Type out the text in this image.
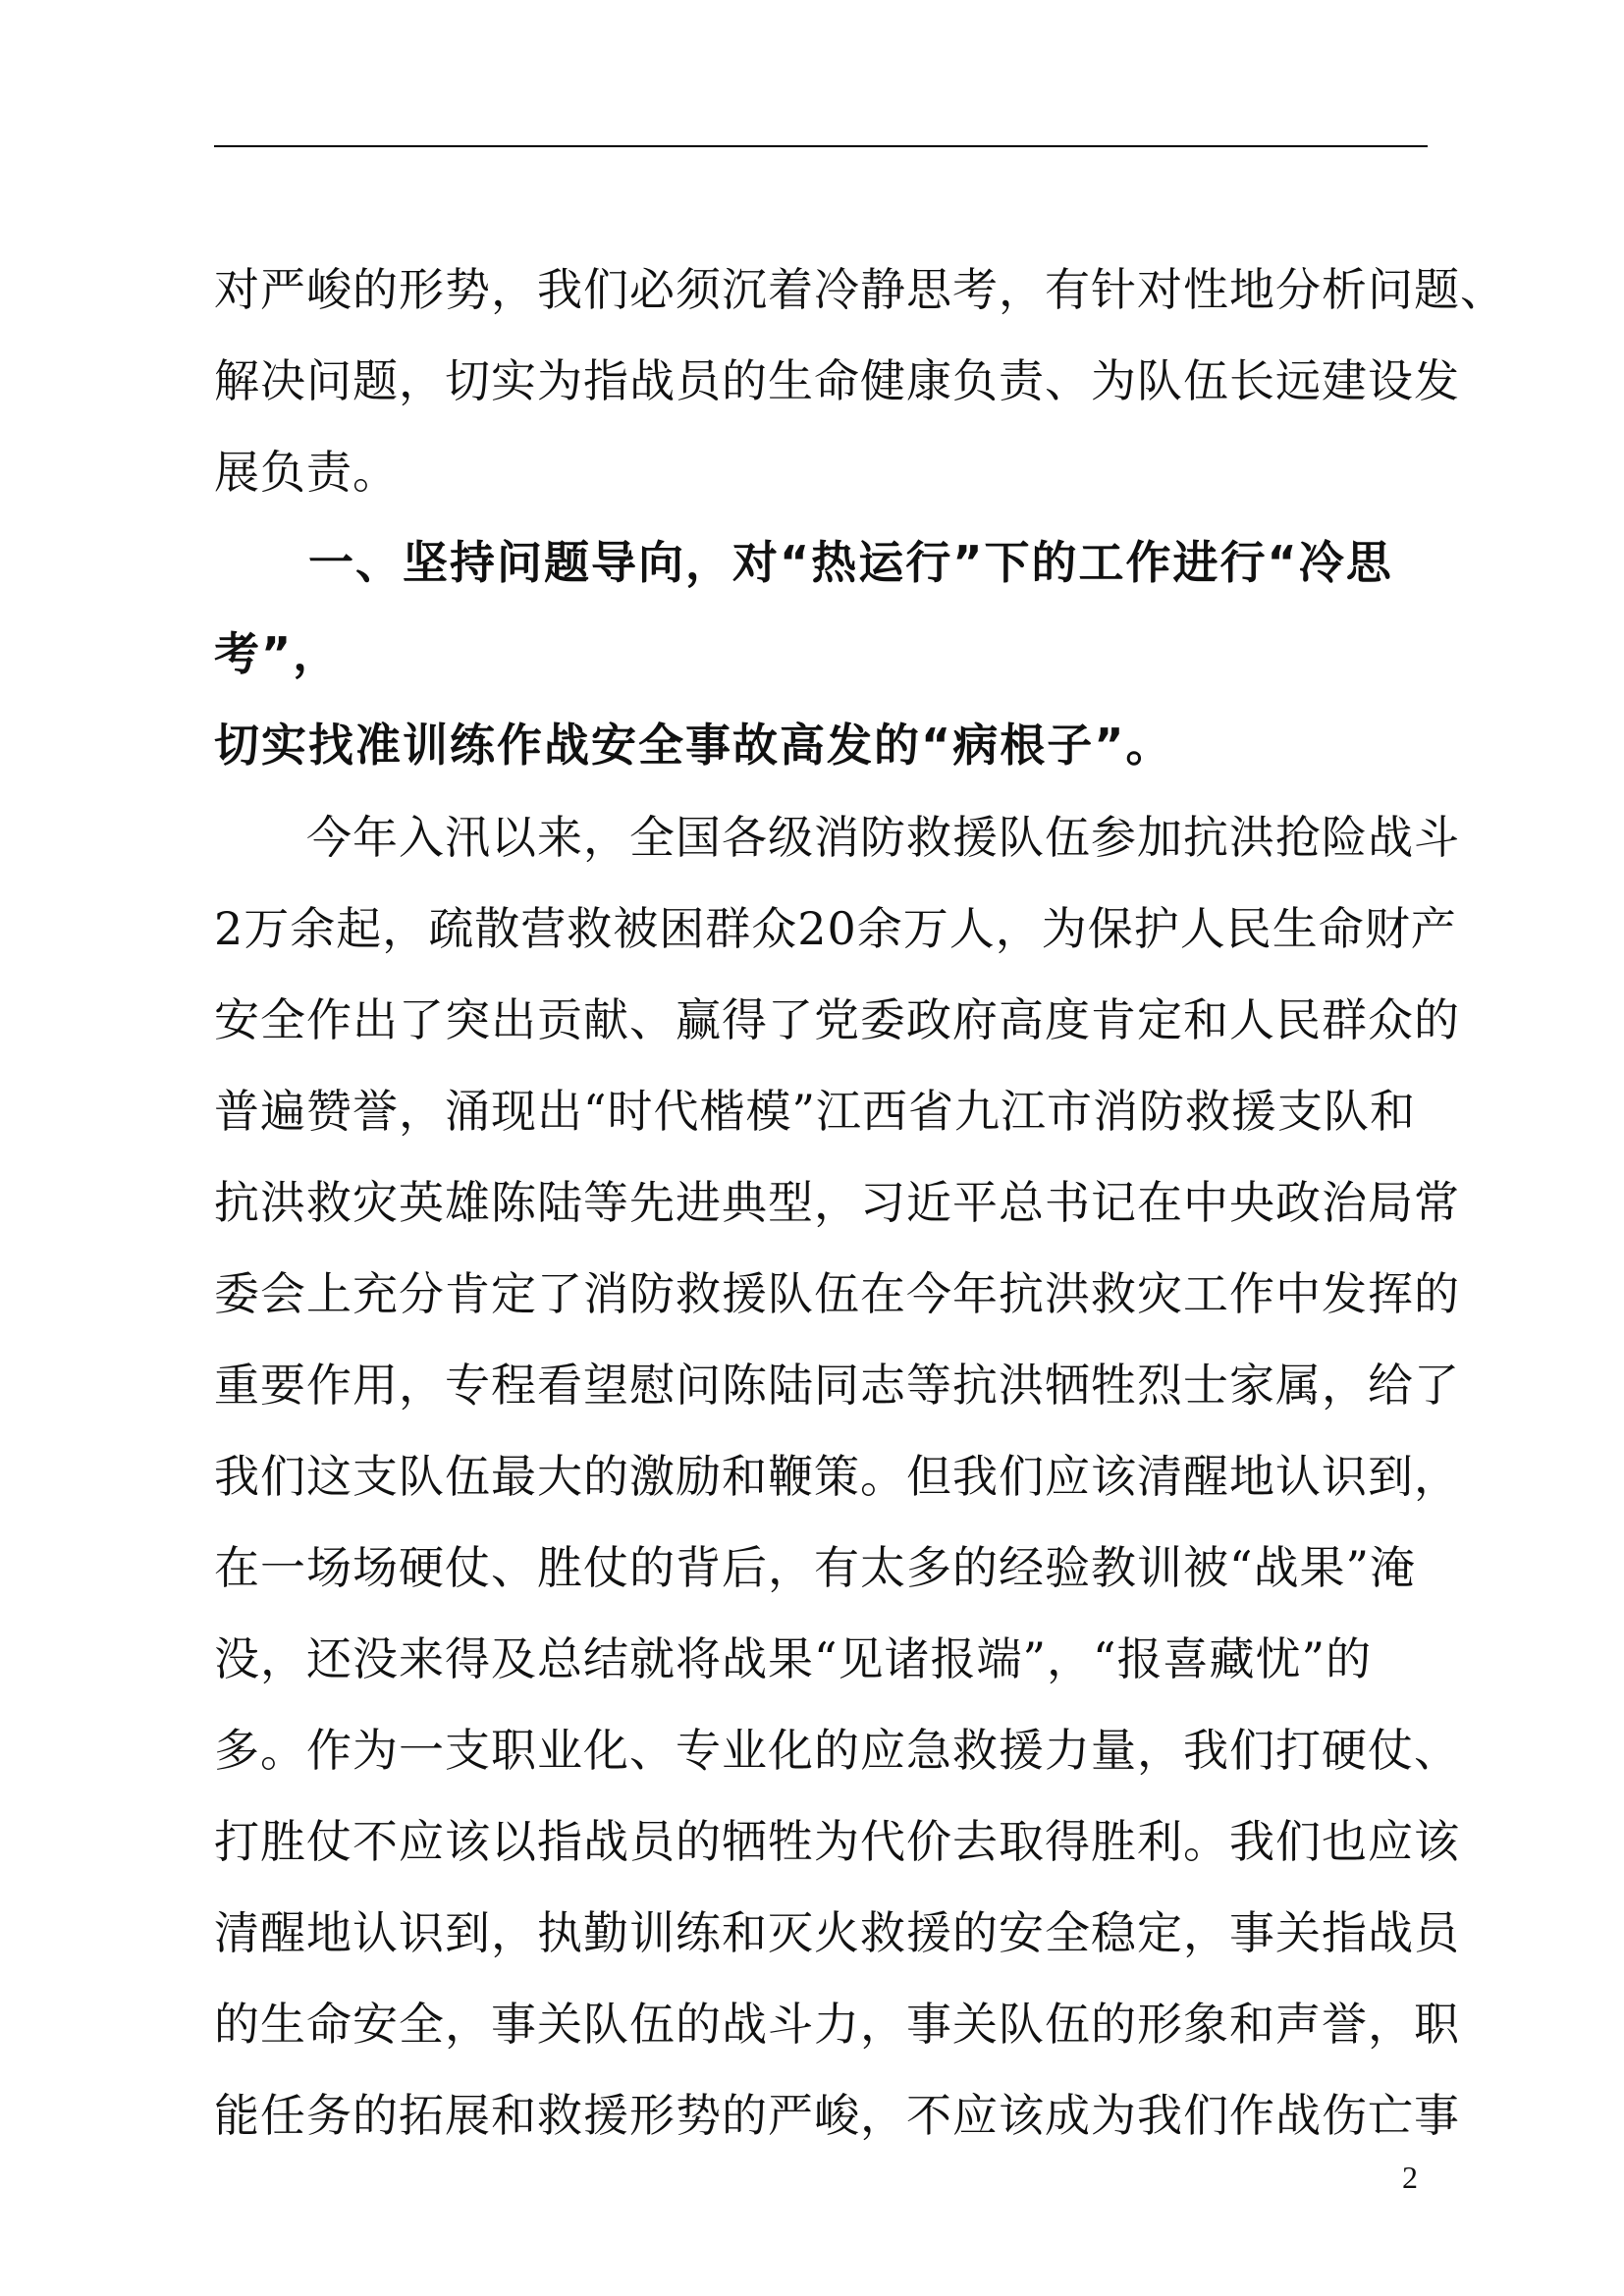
对严峻的形势，我们必须沉着冷静思考，有针对性地分析问题、
解决问题，切实为指战员的生命健康负责、为队伍长远建设发
展负责。
　　一、坚持问题导向，对“热运行”下的工作进行“冷思
考”，
切实找准训练作战安全事故高发的“病根子”。
　　今年入汛以来，全国各级消防救援队伍参加抗洪抢险战斗
2万余起，疏散营救被困群众20余万人，为保护人民生命财产
安全作出了突出贡献、赢得了党委政府高度肯定和人民群众的
普遍赞誉，涌现出“时代楷模”江西省九江市消防救援支队和
抗洪救灾英雄陈陆等先进典型，习近平总书记在中央政治局常
委会上充分肯定了消防救援队伍在今年抗洪救灾工作中发挥的
重要作用，专程看望慰问陈陆同志等抗洪牺牲烈士家属，给了
我们这支队伍最大的激励和鞭策。但我们应该清醒地认识到，
在一场场硬仗、胜仗的背后，有太多的经验教训被“战果”淹
没，还没来得及总结就将战果“见诸报端”，“报喜藏忧”的
多。作为一支职业化、专业化的应急救援力量，我们打硬仗、
打胜仗不应该以指战员的牺牲为代价去取得胜利。我们也应该
清醒地认识到，执勤训练和灭火救援的安全稳定，事关指战员
的生命安全，事关队伍的战斗力，事关队伍的形象和声誉，职
能任务的拓展和救援形势的严峻，不应该成为我们作战伤亡事
2
